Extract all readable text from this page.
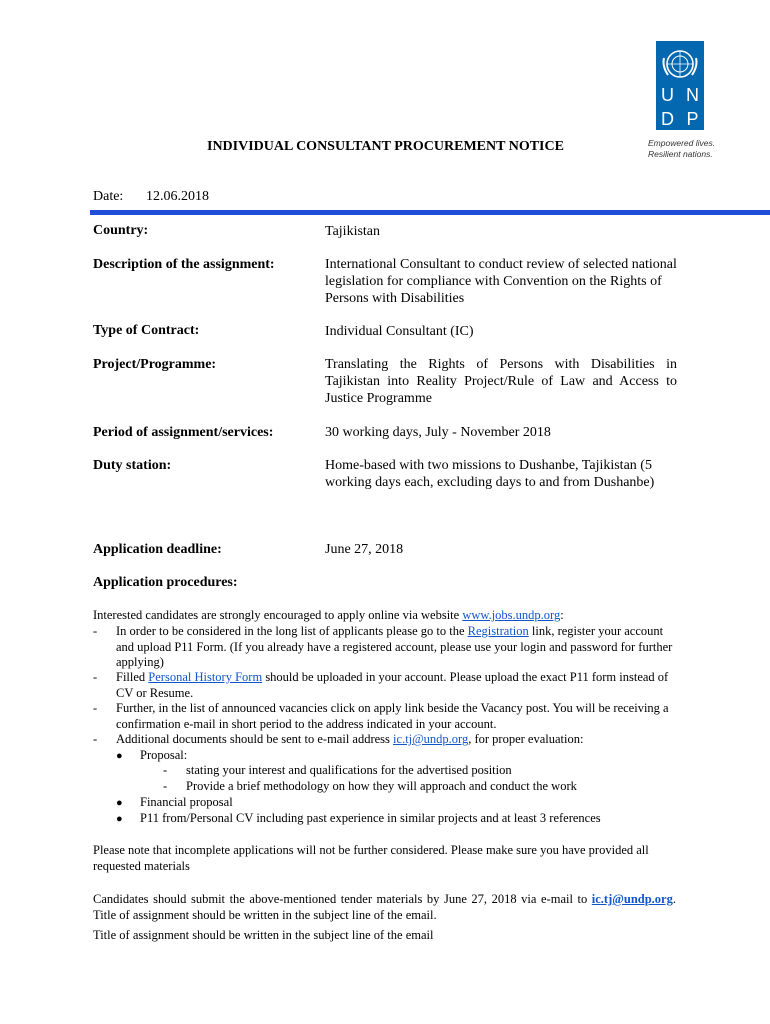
U N
D P
Empowered lives.
Resilient nations.
INDIVIDUAL CONSULTANT PROCUREMENT NOTICE
Date: 12.06.2018
Country:	Tajikistan
Description of the assignment:	International Consultant to conduct review of selected national legislation for compliance with Convention on the Rights of Persons with Disabilities
Type of Contract:	Individual Consultant (IC)
Project/Programme:	Translating the Rights of Persons with Disabilities in Tajikistan into Reality Project/Rule of Law and Access to Justice Programme
Period of assignment/services:	30 working days, July - November 2018
Duty station:	Home-based with two missions to Dushanbe, Tajikistan (5 working days each, excluding days to and from Dushanbe)
Application deadline:	June 27, 2018
Application procedures:
Interested candidates are strongly encouraged to apply online via website www.jobs.undp.org:
- In order to be considered in the long list of applicants please go to the Registration link, register your account and upload P11 Form. (If you already have a registered account, please use your login and password for further applying)
- Filled Personal History Form should be uploaded in your account. Please upload the exact P11 form instead of CV or Resume.
- Further, in the list of announced vacancies click on apply link beside the Vacancy post. You will be receiving a confirmation e-mail in short period to the address indicated in your account.
- Additional documents should be sent to e-mail address ic.tj@undp.org, for proper evaluation:
● Proposal:
- stating your interest and qualifications for the advertised position
- Provide a brief methodology on how they will approach and conduct the work
● Financial proposal
● P11 from/Personal CV including past experience in similar projects and at least 3 references
Please note that incomplete applications will not be further considered. Please make sure you have provided all requested materials
Candidates should submit the above-mentioned tender materials by June 27, 2018 via e-mail to ic.tj@undp.org. Title of assignment should be written in the subject line of the email.
Title of assignment should be written in the subject line of the email
